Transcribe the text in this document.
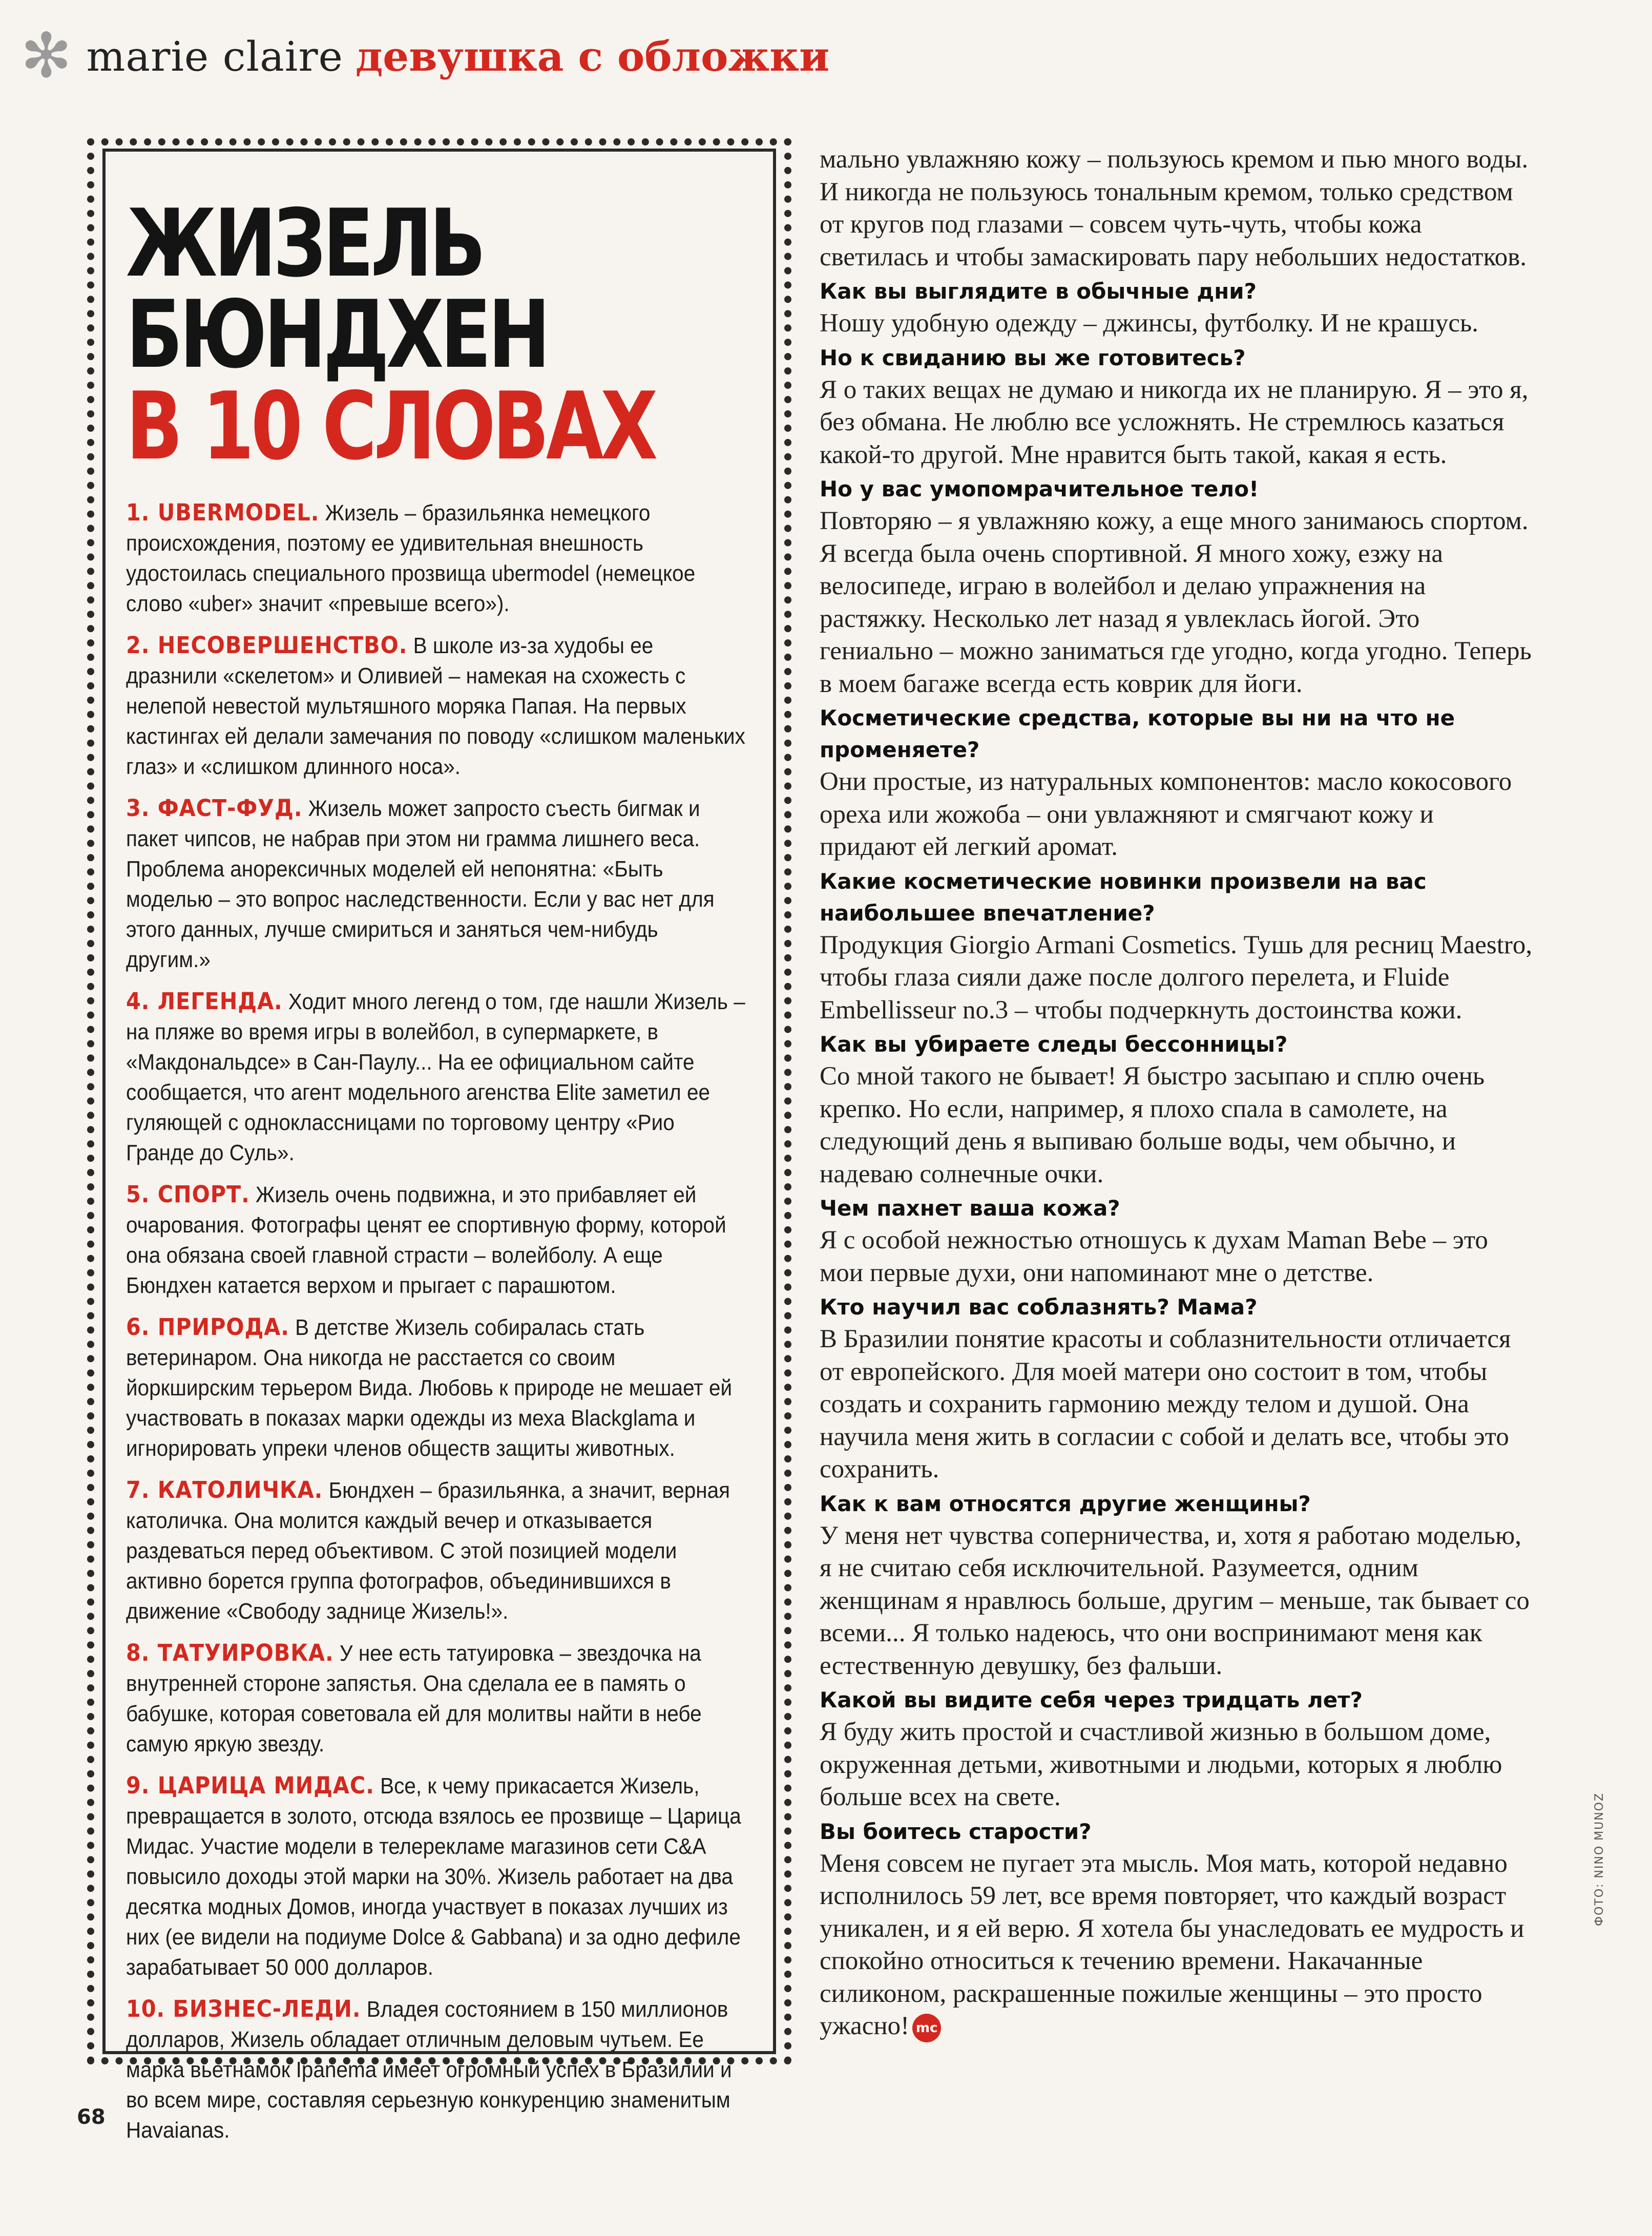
✻ marie claire девушка с обложки
ЖИЗЕЛЬ БЮНДХЕН
В 10 СЛОВАХ
1. UBERMODEL. Жизель – бразильянка немецкого происхождения, поэтому ее удивительная внешность удостоилась специального прозвища ubermodel (немецкое слово «uber» значит «превыше всего»).
2. НЕСОВЕРШЕНСТВО. В школе из-за худобы ее дразнили «скелетом» и Оливией – намекая на схожесть с нелепой невестой мультяшного моряка Папая. На первых кастингах ей делали замечания по поводу «слишком маленьких глаз» и «слишком длинного носа».
3. ФАСТ-ФУД. Жизель может запросто съесть бигмак и пакет чипсов, не набрав при этом ни грамма лишнего веса. Проблема анорексичных моделей ей непонятна: «Быть моделью – это вопрос наследственности. Если у вас нет для этого данных, лучше смириться и заняться чем-нибудь другим.»
4. ЛЕГЕНДА. Ходит много легенд о том, где нашли Жизель – на пляже во время игры в волейбол, в супермаркете, в «Макдональдсе» в Сан-Паулу... На ее официальном сайте сообщается, что агент модельного агенства Elite заметил ее гуляющей с одноклассницами по торговому центру «Рио Гранде до Суль».
5. СПОРТ. Жизель очень подвижна, и это прибавляет ей очарования. Фотографы ценят ее спортивную форму, которой она обязана своей главной страсти – волейболу. А еще Бюндхен катается верхом и прыгает с парашютом.
6. ПРИРОДА. В детстве Жизель собиралась стать ветеринаром. Она никогда не расстается со своим йоркширским терьером Вида. Любовь к природе не мешает ей участвовать в показах марки одежды из меха Blackglama и игнорировать упреки членов обществ защиты животных.
7. КАТОЛИЧКА. Бюндхен – бразильянка, а значит, верная католичка. Она молится каждый вечер и отказывается раздеваться перед объективом. С этой позицией модели активно борется группа фотографов, объединившихся в движение «Свободу заднице Жизель!».
8. ТАТУИРОВКА. У нее есть татуировка – звездочка на внутренней стороне запястья. Она сделала ее в память о бабушке, которая советовала ей для молитвы найти в небе самую яркую звезду.
9. ЦАРИЦА МИДАС. Все, к чему прикасается Жизель, превращается в золото, отсюда взялось ее прозвище – Царица Мидас. Участие модели в телерекламе магазинов сети C&A повысило доходы этой марки на 30%. Жизель работает на два десятка модных Домов, иногда участвует в показах лучших из них (ее видели на подиуме Dolce & Gabbana) и за одно дефиле зарабатывает 50 000 долларов.
10. БИЗНЕС-ЛЕДИ. Владея состоянием в 150 миллионов долларов, Жизель обладает отличным деловым чутьем. Ее марка вьетнамок Ipanema имеет огромный успех в Бразилии и во всем мире, составляя серьезную конкуренцию знаменитым Havaianas.
мально увлажняю кожу – пользуюсь кремом и пью много воды. И никогда не пользуюсь тональным кремом, только средством от кругов под глазами – совсем чуть-чуть, чтобы кожа светилась и чтобы замаскировать пару небольших недостатков.
Как вы выглядите в обычные дни?
Ношу удобную одежду – джинсы, футболку. И не крашусь.
Но к свиданию вы же готовитесь?
Я о таких вещах не думаю и никогда их не планирую. Я – это я, без обмана. Не люблю все усложнять. Не стремлюсь казаться какой-то другой. Мне нравится быть такой, какая я есть.
Но у вас умопомрачительное тело!
Повторяю – я увлажняю кожу, а еще много занимаюсь спортом. Я всегда была очень спортивной. Я много хожу, езжу на велосипеде, играю в волейбол и делаю упражнения на растяжку. Несколько лет назад я увлеклась йогой. Это гениально – можно заниматься где угодно, когда угодно. Теперь в моем багаже всегда есть коврик для йоги.
Косметические средства, которые вы ни на что не променяете?
Они простые, из натуральных компонентов: масло кокосового ореха или жожоба – они увлажняют и смягчают кожу и придают ей легкий аромат.
Какие косметические новинки произвели на вас наибольшее впечатление?
Продукция Giorgio Armani Cosmetics. Тушь для ресниц Maestro, чтобы глаза сияли даже после долгого перелета, и Fluide Embellisseur no.3 – чтобы подчеркнуть достоинства кожи.
Как вы убираете следы бессонницы?
Со мной такого не бывает! Я быстро засыпаю и сплю очень крепко. Но если, например, я плохо спала в самолете, на следующий день я выпиваю больше воды, чем обычно, и надеваю солнечные очки.
Чем пахнет ваша кожа?
Я с особой нежностью отношусь к духам Maman Bebe – это мои первые духи, они напоминают мне о детстве.
Кто научил вас соблазнять? Мама?
В Бразилии понятие красоты и соблазнительности отличается от европейского. Для моей матери оно состоит в том, чтобы создать и сохранить гармонию между телом и душой. Она научила меня жить в согласии с собой и делать все, чтобы это сохранить.
Как к вам относятся другие женщины?
У меня нет чувства соперничества, и, хотя я работаю моделью, я не считаю себя исключительной. Разумеется, одним женщинам я нравлюсь больше, другим – меньше, так бывает со всеми... Я только надеюсь, что они воспринимают меня как естественную девушку, без фальши.
Какой вы видите себя через тридцать лет?
Я буду жить простой и счастливой жизнью в большом доме, окруженная детьми, животными и людьми, которых я люблю больше всех на свете.
Вы боитесь старости?
Меня совсем не пугает эта мысль. Моя мать, которой недавно исполнилось 59 лет, все время повторяет, что каждый возраст уникален, и я ей верю. Я хотела бы унаследовать ее мудрость и спокойно относиться к течению времени. Накачанные силиконом, раскрашенные пожилые женщины – это просто ужасно! mc
68
ФОТО: NINO MUNOZ
